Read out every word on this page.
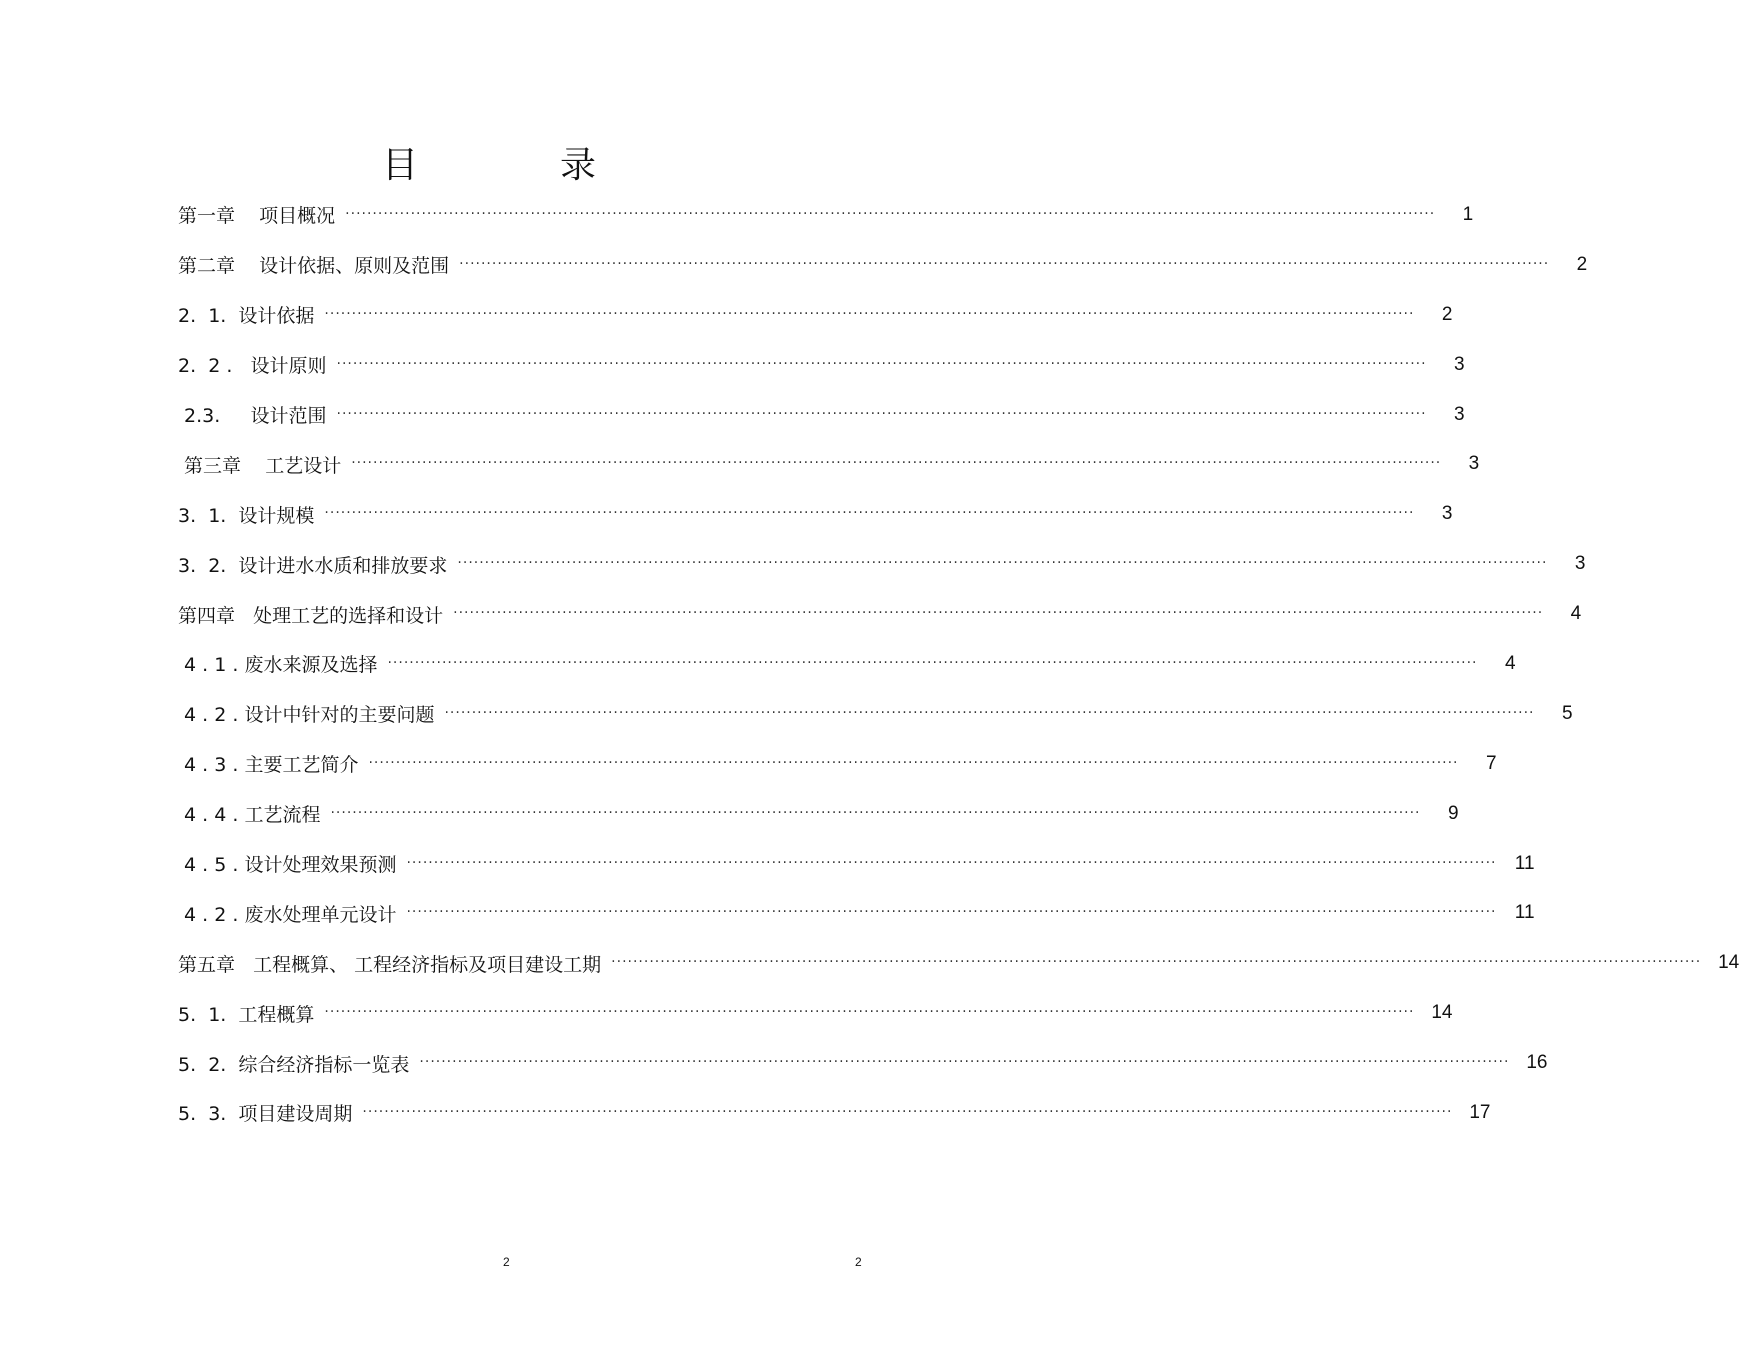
目	录
第一章    项目概况 ········································································································································································································	1
第二章    设计依据、原则及范围 ········································································································································································································	2
2.  1.  设计依据 ········································································································································································································	2
2.  2 .   设计原则 ········································································································································································································	3
2.3.     设计范围 ········································································································································································································	3
第三章    工艺设计 ········································································································································································································	3
3.  1.  设计规模 ········································································································································································································	3
3.  2.  设计进水水质和排放要求 ········································································································································································································	3
第四章   处理工艺的选择和设计 ········································································································································································································	4
4 . 1 . 废水来源及选择 ········································································································································································································	4
4 . 2 . 设计中针对的主要问题 ········································································································································································································	5
4 . 3 . 主要工艺简介 ········································································································································································································	7
4 . 4 . 工艺流程 ········································································································································································································	9
4 . 5 . 设计处理效果预测 ········································································································································································································ 11
4 . 2 . 废水处理单元设计 ········································································································································································································ 11
第五章   工程概算、 工程经济指标及项目建设工期 ········································································································································································································ 14
5.  1.  工程概算 ········································································································································································································ 14
5.  2.  综合经济指标一览表 ········································································································································································································ 16
5.  3.  项目建设周期 ········································································································································································································ 17
2	2
